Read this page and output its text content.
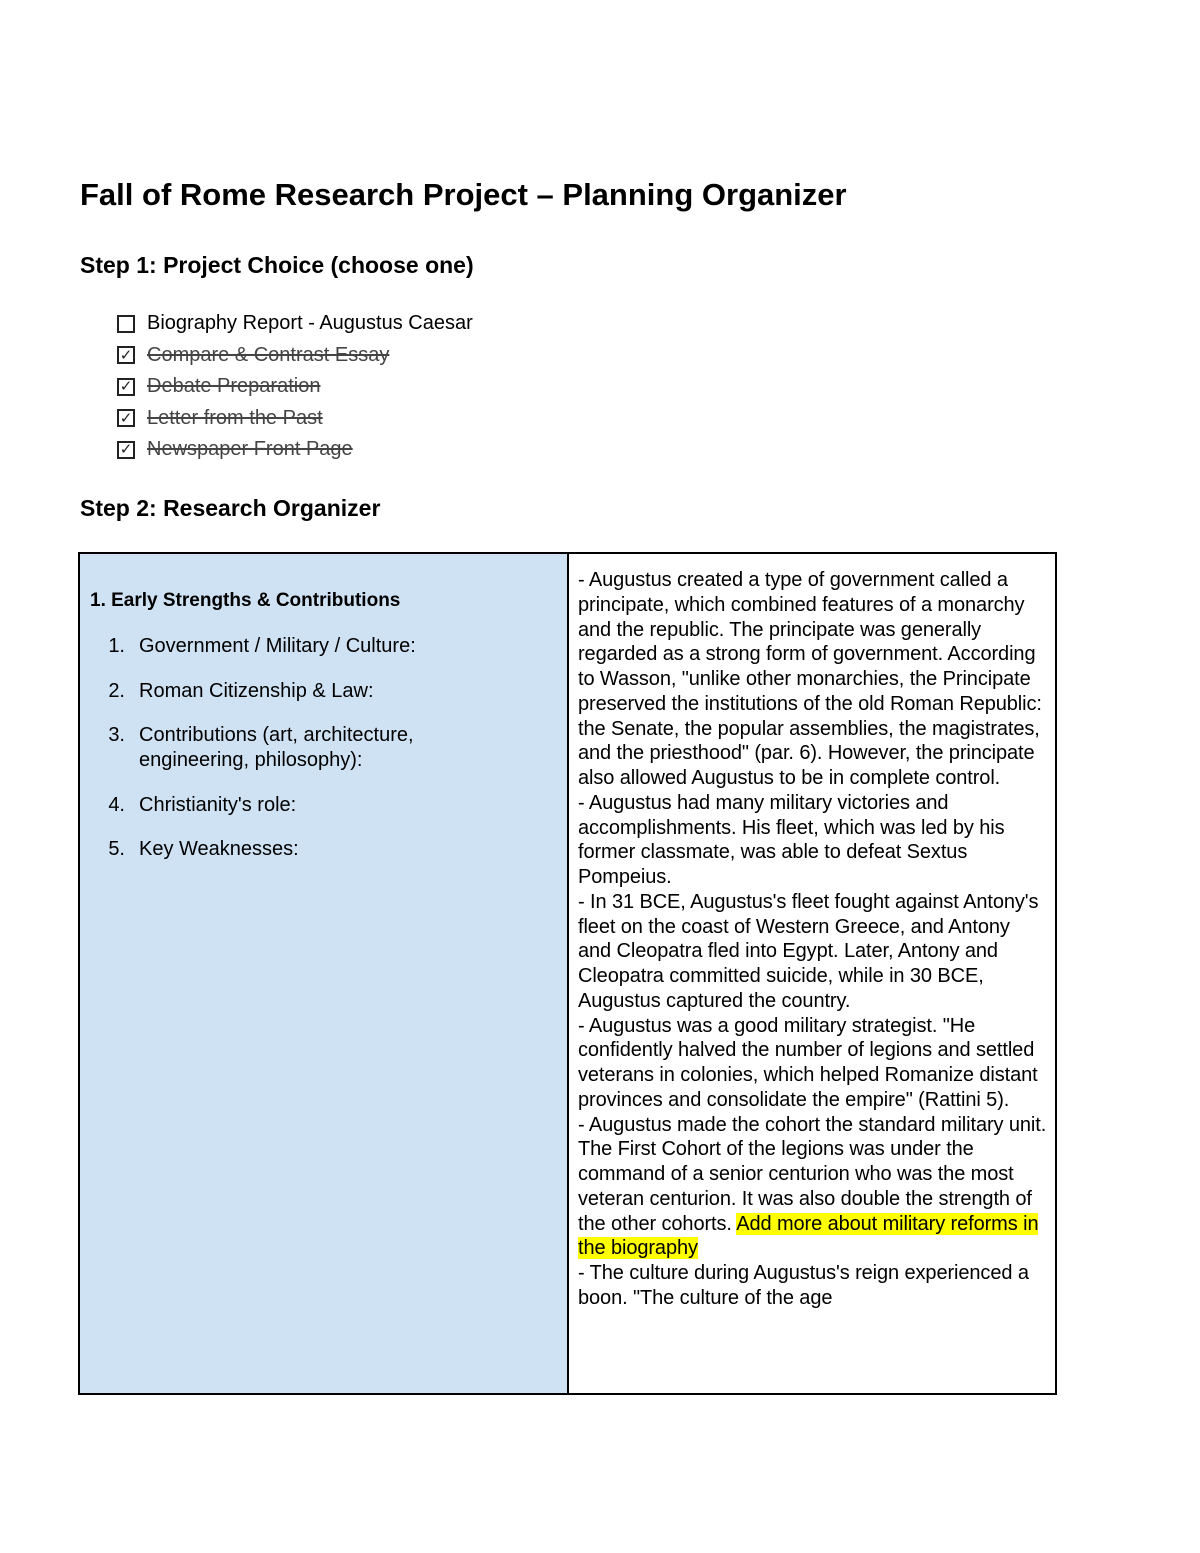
Fall of Rome Research Project – Planning Organizer
Step 1: Project Choice (choose one)
Biography Report - Augustus Caesar
✓ Compare & Contrast Essay
✓ Debate Preparation
✓ Letter from the Past
✓ Newspaper Front Page
Step 2: Research Organizer
1. Early Strengths & Contributions
1. Government / Military / Culture:
2. Roman Citizenship & Law:
3. Contributions (art, architecture, engineering, philosophy):
4. Christianity's role:
5. Key Weaknesses:

- Augustus created a type of government called a principate, which combined features of a monarchy and the republic. The principate was generally regarded as a strong form of government. According to Wasson, "unlike other monarchies, the Principate preserved the institutions of the old Roman Republic: the Senate, the popular assemblies, the magistrates, and the priesthood" (par. 6). However, the principate also allowed Augustus to be in complete control.
- Augustus had many military victories and accomplishments. His fleet, which was led by his former classmate, was able to defeat Sextus Pompeius.
- In 31 BCE, Augustus's fleet fought against Antony's fleet on the coast of Western Greece, and Antony and Cleopatra fled into Egypt. Later, Antony and Cleopatra committed suicide, while in 30 BCE, Augustus captured the country.
- Augustus was a good military strategist. "He confidently halved the number of legions and settled veterans in colonies, which helped Romanize distant provinces and consolidate the empire" (Rattini 5).
- Augustus made the cohort the standard military unit. The First Cohort of the legions was under the command of a senior centurion who was the most veteran centurion. It was also double the strength of the other cohorts. Add more about military reforms in the biography
- The culture during Augustus's reign experienced a boon. "The culture of the age
